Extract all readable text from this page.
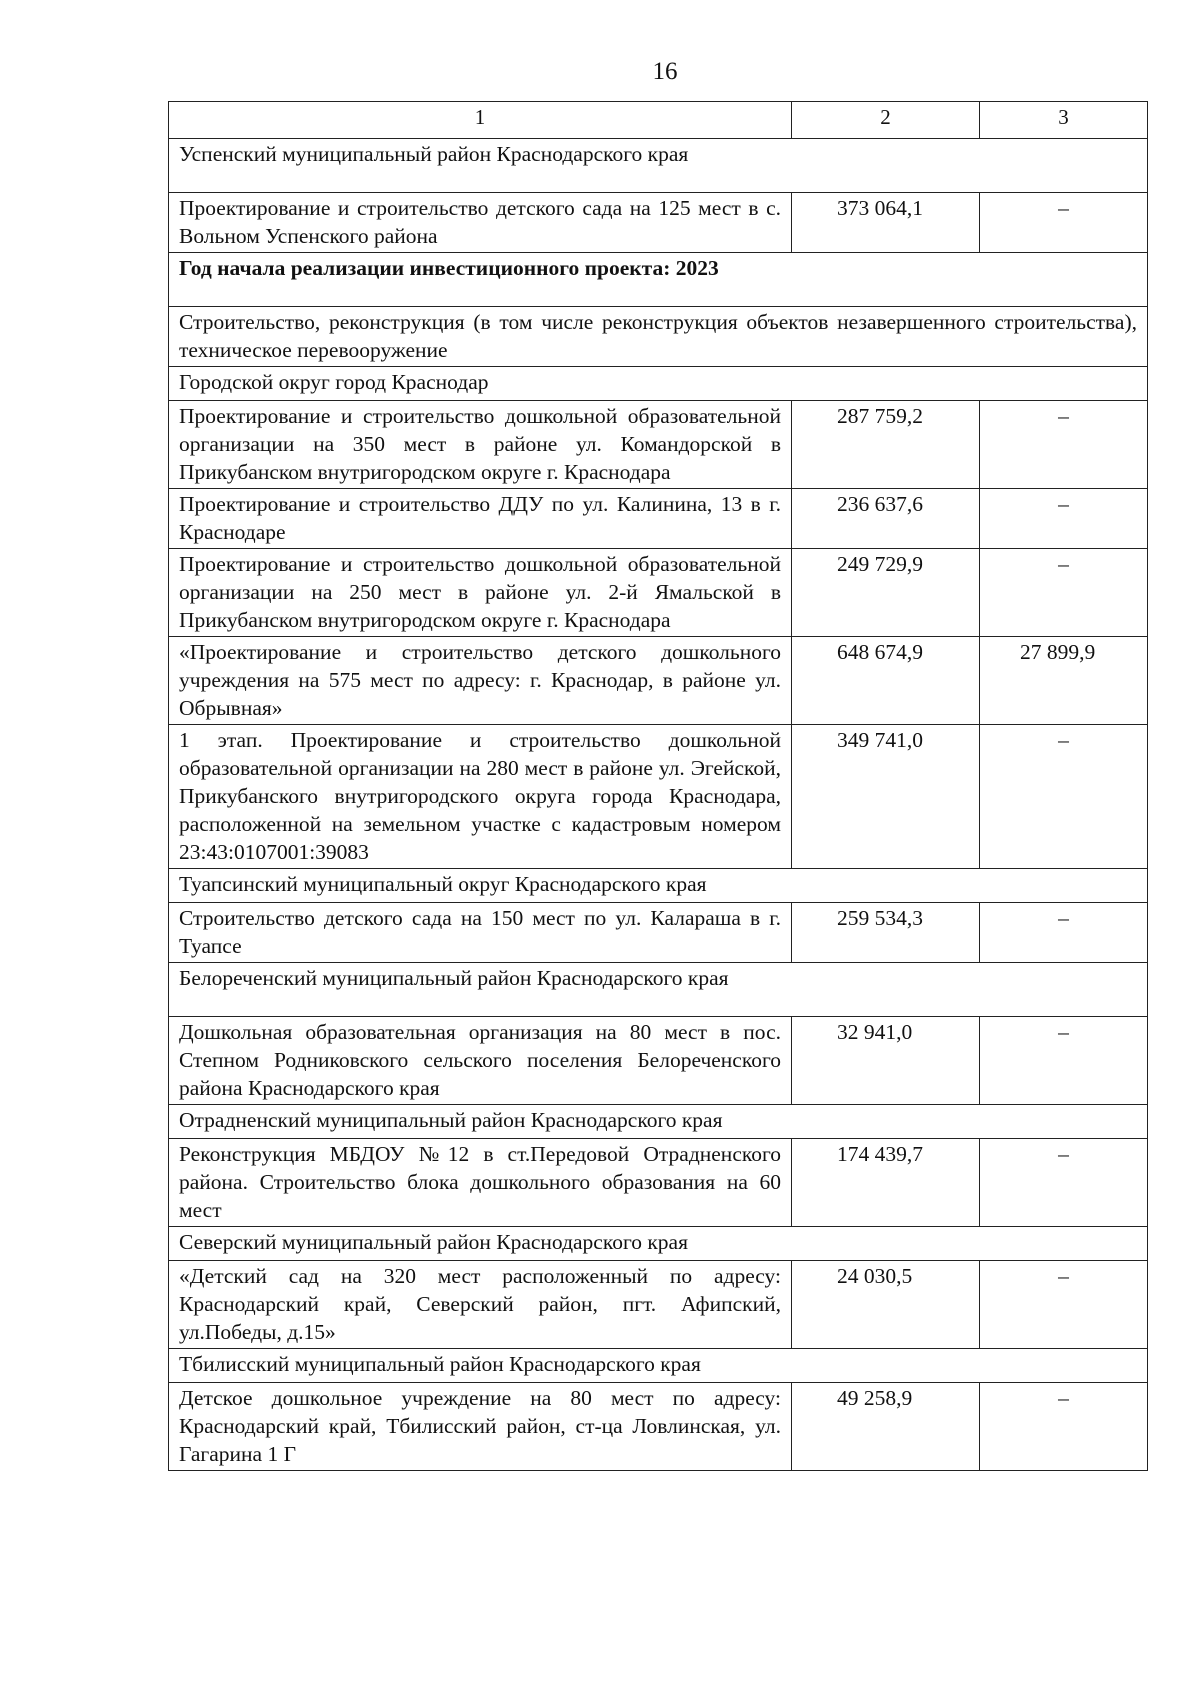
16
1	2	3
Успенский муниципальный район Краснодарского края		
Проектирование и строительство детского сада на 125 мест в с. Вольном Успенского района	373 064,1	–
Год начала реализации инвестиционного проекта: 2023		
Строительство, реконструкция (в том числе реконструкция объектов незавершенного строительства), техническое перевооружение		
Городской округ город Краснодар		
Проектирование и строительство дошкольной образовательной организации на 350 мест в районе ул. Командорской в Прикубанском внутригородском округе г. Краснодара	287 759,2	–
Проектирование и строительство ДДУ по ул. Калинина, 13 в г. Краснодаре	236 637,6	–
Проектирование и строительство дошкольной образовательной организации на 250 мест в районе ул. 2-й Ямальской в Прикубанском внутригородском округе г. Краснодара	249 729,9	–
«Проектирование и строительство детского дошкольного учреждения на 575 мест по адресу: г. Краснодар, в районе ул. Обрывная»	648 674,9	27 899,9
1 этап. Проектирование и строительство дошкольной образовательной организации на 280 мест в районе ул. Эгейской, Прикубанского внутригородского округа города Краснодара, расположенной на земельном участке с кадастровым номером 23:43:0107001:39083	349 741,0	–
Туапсинский муниципальный округ Краснодарского края		
Строительство детского сада на 150 мест по ул. Калараша в г. Туапсе	259 534,3	–
Белореченский муниципальный район Краснодарского края		
Дошкольная образовательная организация на 80 мест в пос. Степном Родниковского сельского поселения Белореченского района Краснодарского края	32 941,0	–
Отрадненский муниципальный район Краснодарского края		
Реконструкция МБДОУ №12 в ст.Передовой Отрадненского района. Строительство блока дошкольного образования на 60 мест	174 439,7	–
Северский муниципальный район Краснодарского края		
«Детский сад на 320 мест расположенный по адресу: Краснодарский край, Северский район, пгт. Афипский, ул.Победы, д.15»	24 030,5	–
Тбилисский муниципальный район Краснодарского края		
Детское дошкольное учреждение на 80 мест по адресу: Краснодарский край, Тбилисский район, ст-ца Ловлинская, ул. Гагарина 1 Г	49 258,9	–
